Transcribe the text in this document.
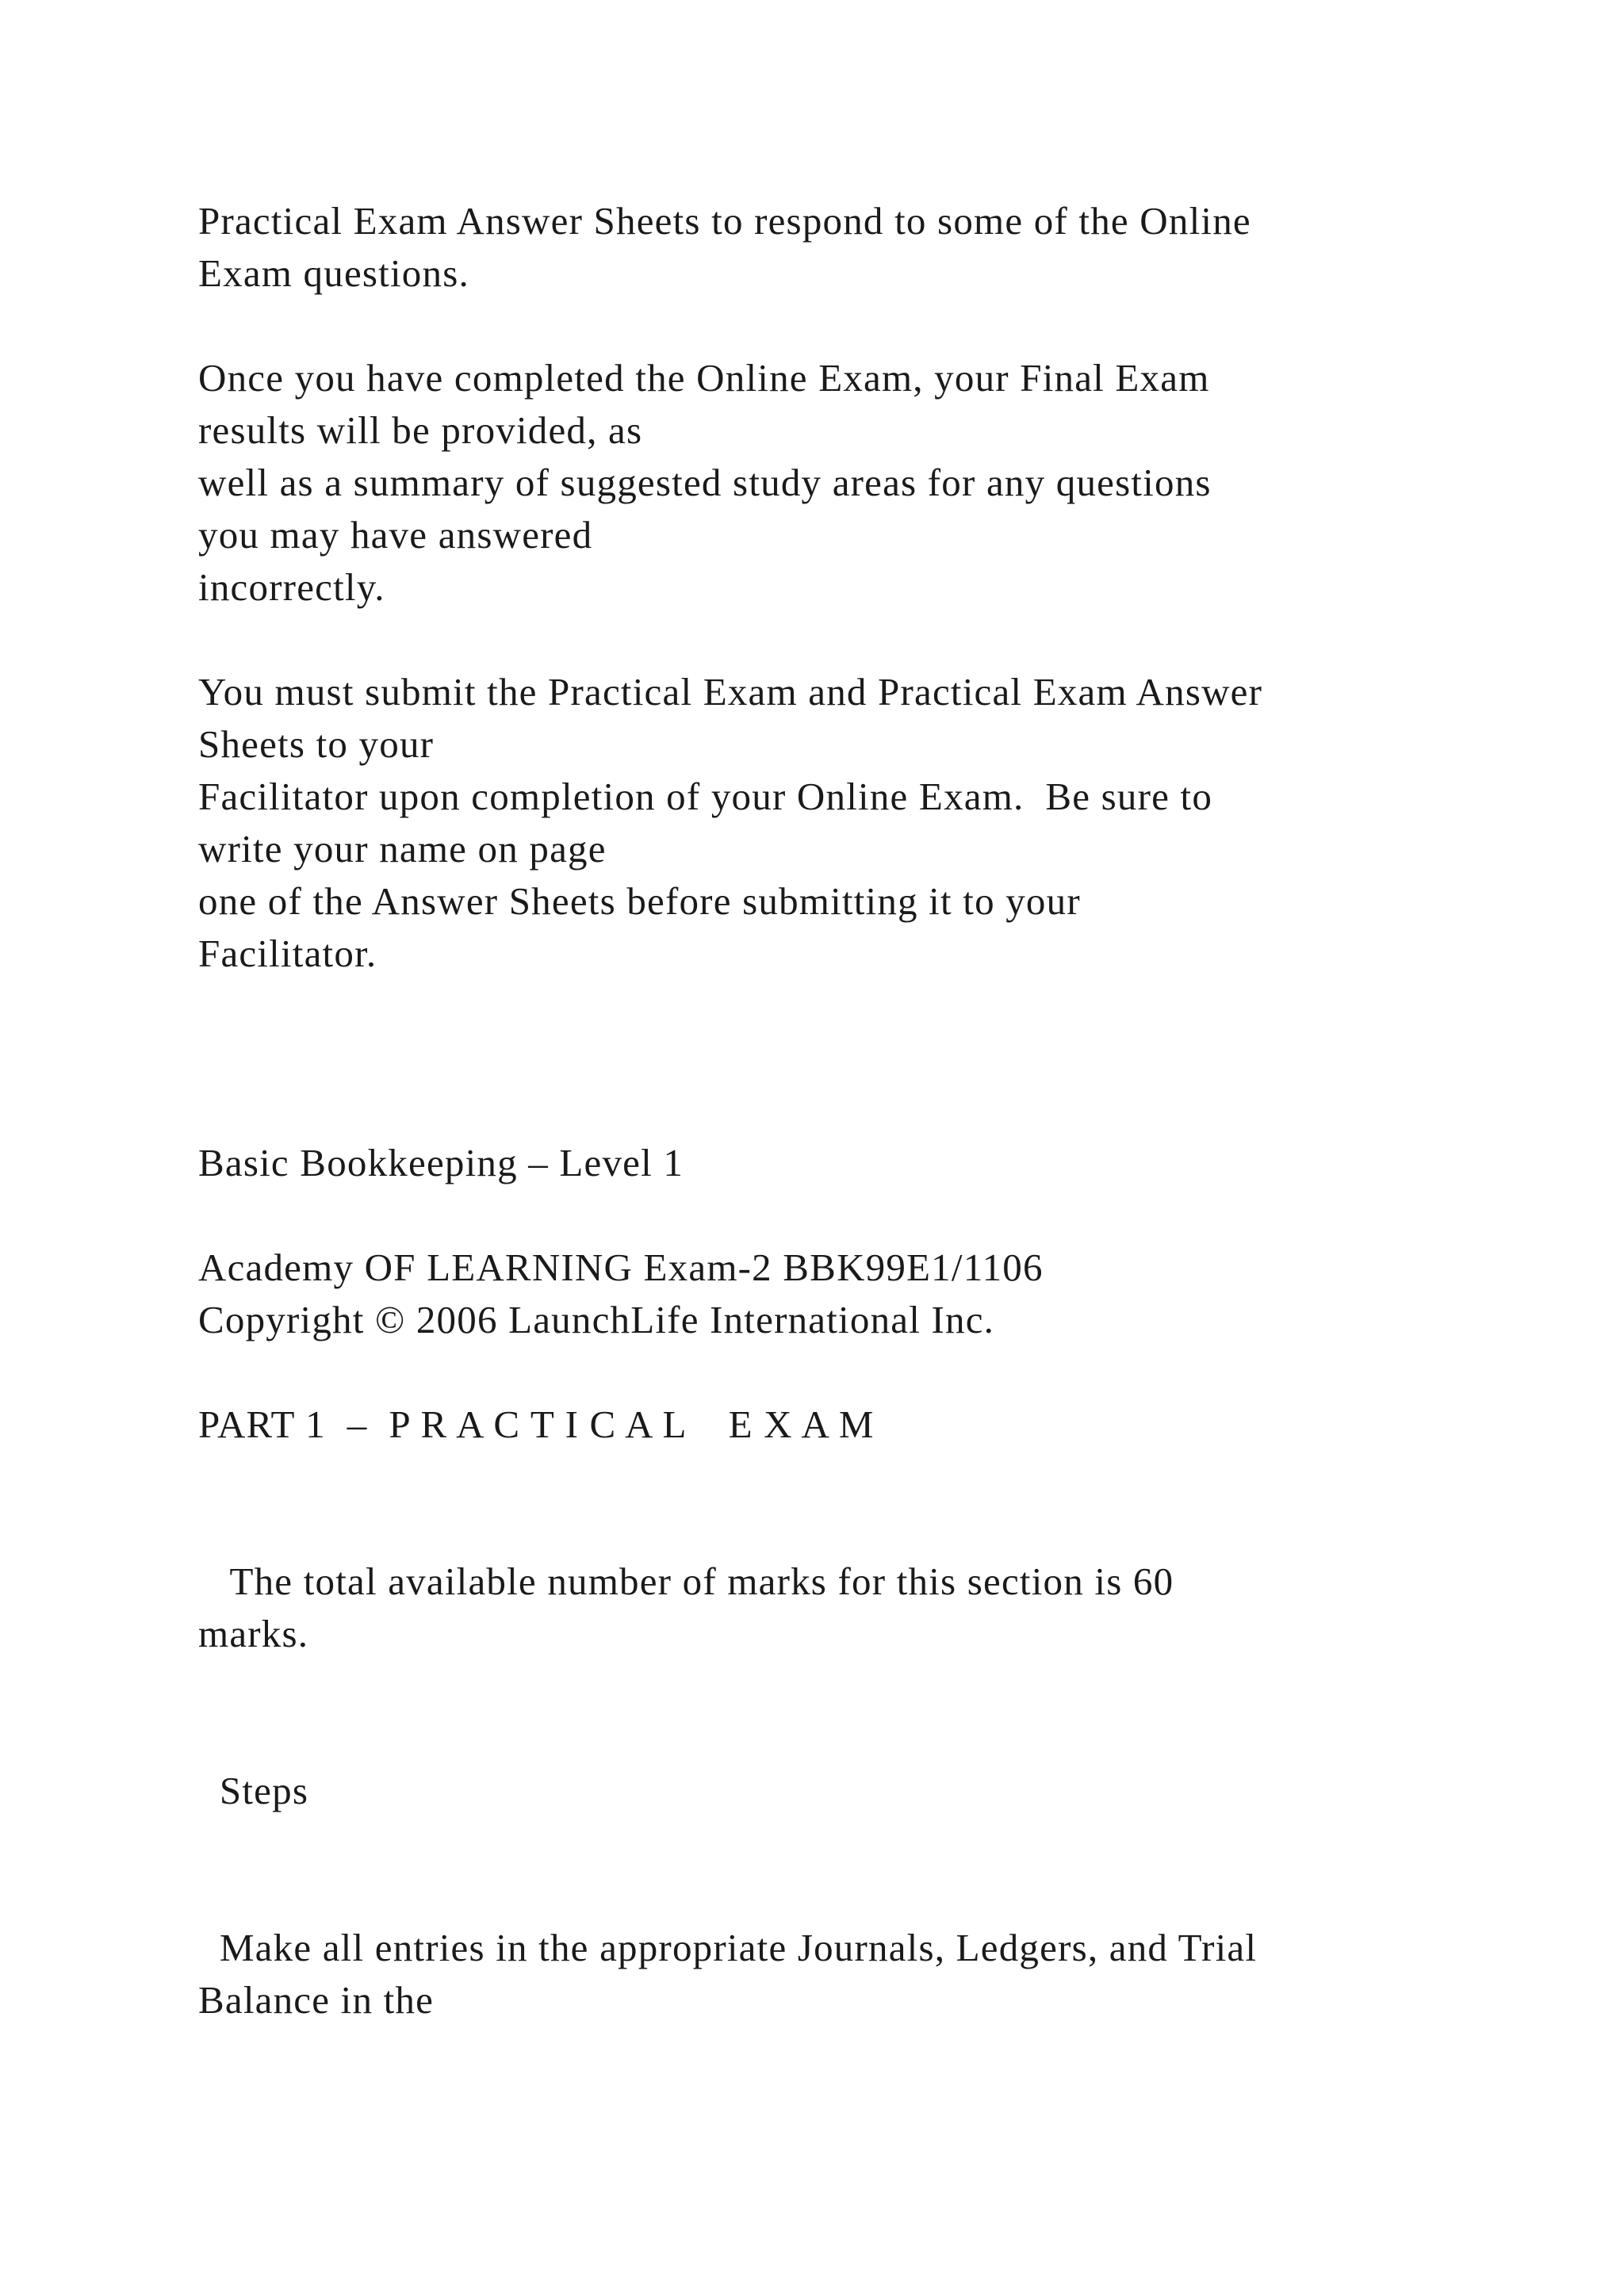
Practical Exam Answer Sheets to respond to some of the Online
Exam questions.
Once you have completed the Online Exam, your Final Exam
results will be provided, as
well as a summary of suggested study areas for any questions
you may have answered
incorrectly.
You must submit the Practical Exam and Practical Exam Answer
Sheets to your
Facilitator upon completion of your Online Exam.  Be sure to
write your name on page
one of the Answer Sheets before submitting it to your
Facilitator.
Basic Bookkeeping – Level 1
Academy OF LEARNING Exam-2 BBK99E1/1106
Copyright © 2006 LaunchLife International Inc.
PART 1  –  P R A C T I C A L    E X A M
The total available number of marks for this section is 60
marks.
Steps
Make all entries in the appropriate Journals, Ledgers, and Trial
Balance in the
